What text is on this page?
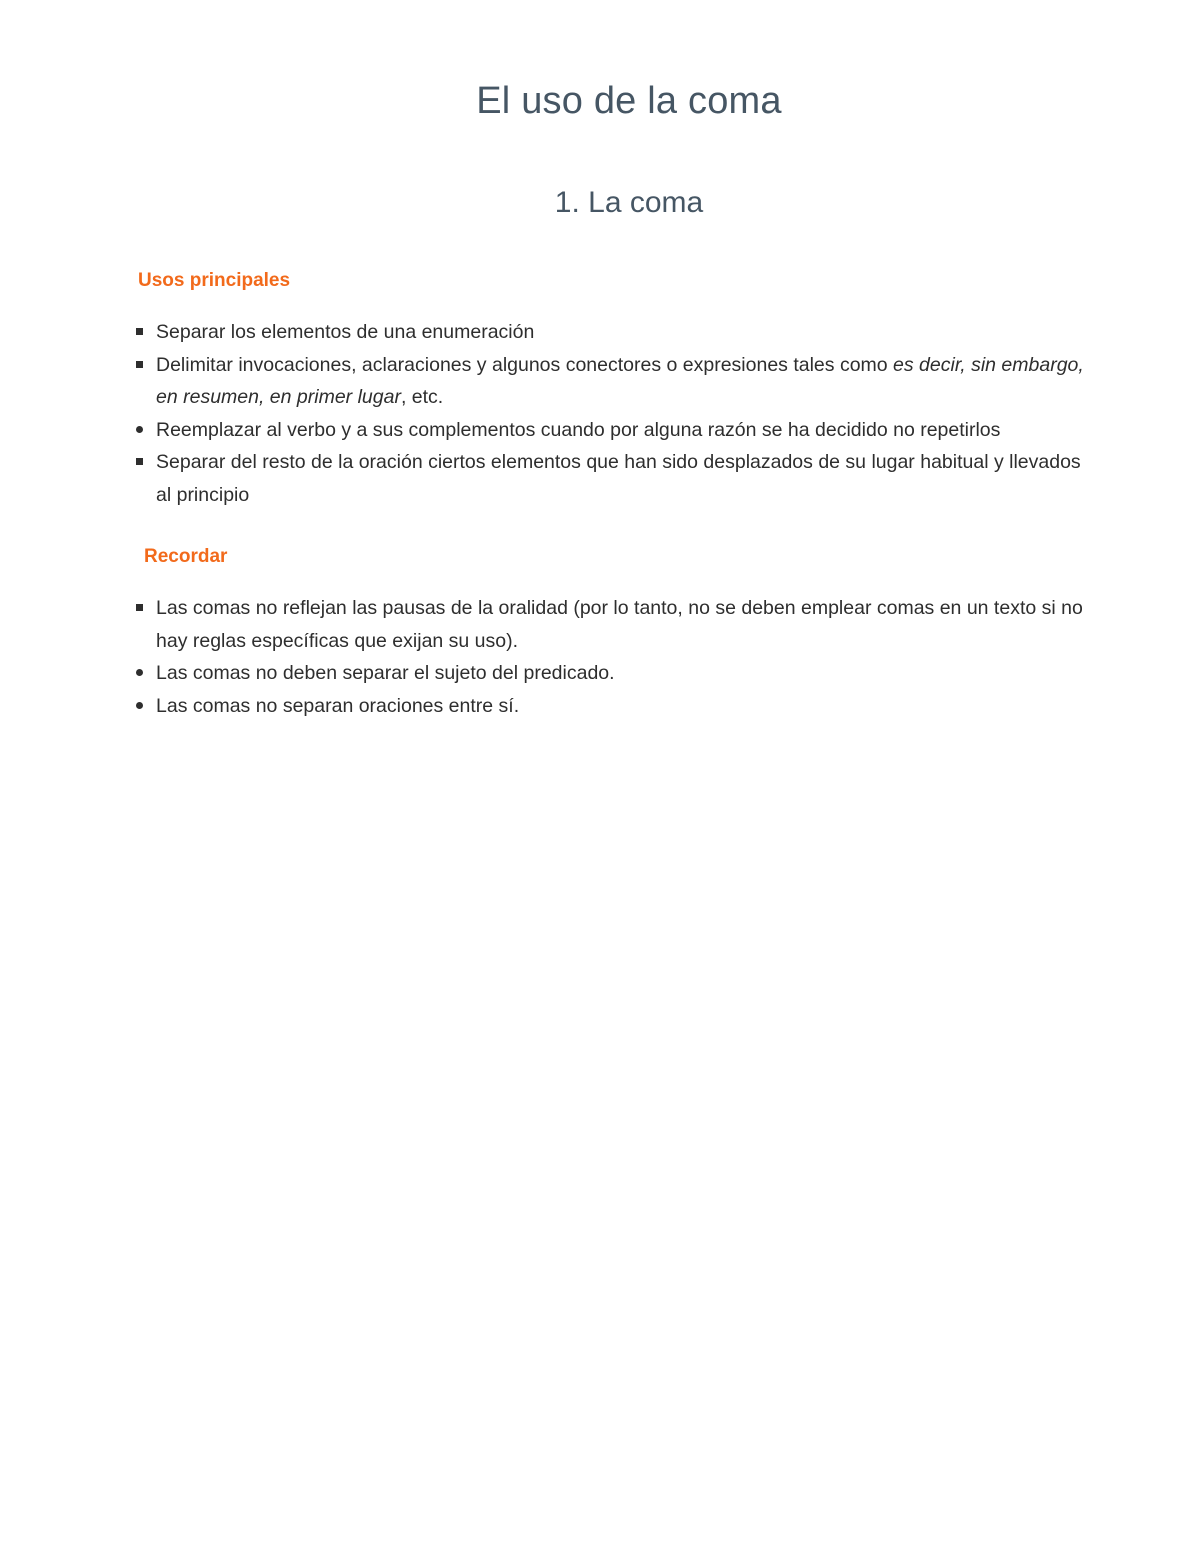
El uso de la coma
1. La coma
Usos principales
Separar los elementos de una enumeración
Delimitar invocaciones, aclaraciones y algunos conectores o expresiones tales como es decir, sin embargo, en resumen, en primer lugar, etc.
Reemplazar al verbo y a sus complementos cuando por alguna razón se ha decidido no repetirlos
Separar del resto de la oración ciertos elementos que han sido desplazados de su lugar habitual y llevados al principio
Recordar
Las comas no reflejan las pausas de la oralidad (por lo tanto, no se deben emplear comas en un texto si no hay reglas específicas que exijan su uso).
Las comas no deben separar el sujeto del predicado.
Las comas no separan oraciones entre sí.
